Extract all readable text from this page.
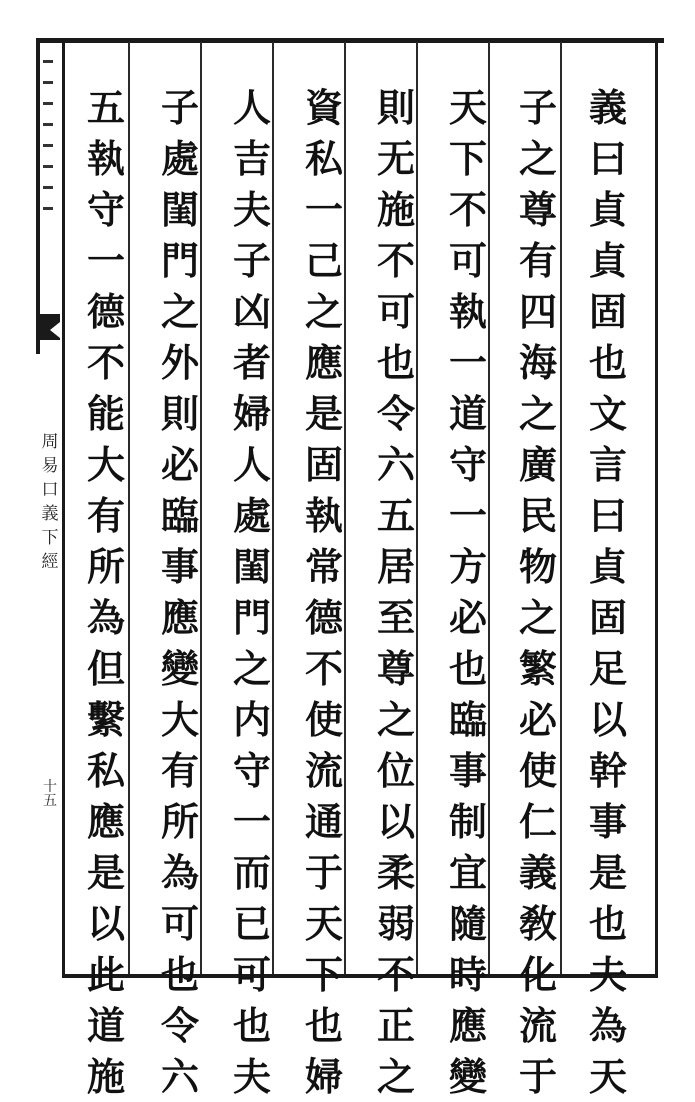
義
曰
貞
貞
固
也
文
言
曰
貞
固
足
以
幹
事
是
也
夫
為
天
子
之
尊
有
四
海
之
廣
民
物
之
繁
必
使
仁
義
敎
化
流
于
天
下
不
可
執
一
道
守
一
方
必
也
臨
事
制
宜
隨
時
應
變
則
无
施
不
可
也
令
六
五
居
至
尊
之
位
以
柔
弱
不
正
之
資
私
一
己
之
應
是
固
執
常
德
不
使
流
通
于
天
下
也
婦
人
吉
夫
子
凶
者
婦
人
處
閨
門
之
内
守
一
而
已
可
也
夫
子
處
閨
門
之
外
則
必
臨
事
應
變
大
有
所
為
可
也
令
六
五
執
守
一
德
不
能
大
有
所
為
但
繫
私
應
是
以
此
道
施
周
易
口
義
下
經
十
五
